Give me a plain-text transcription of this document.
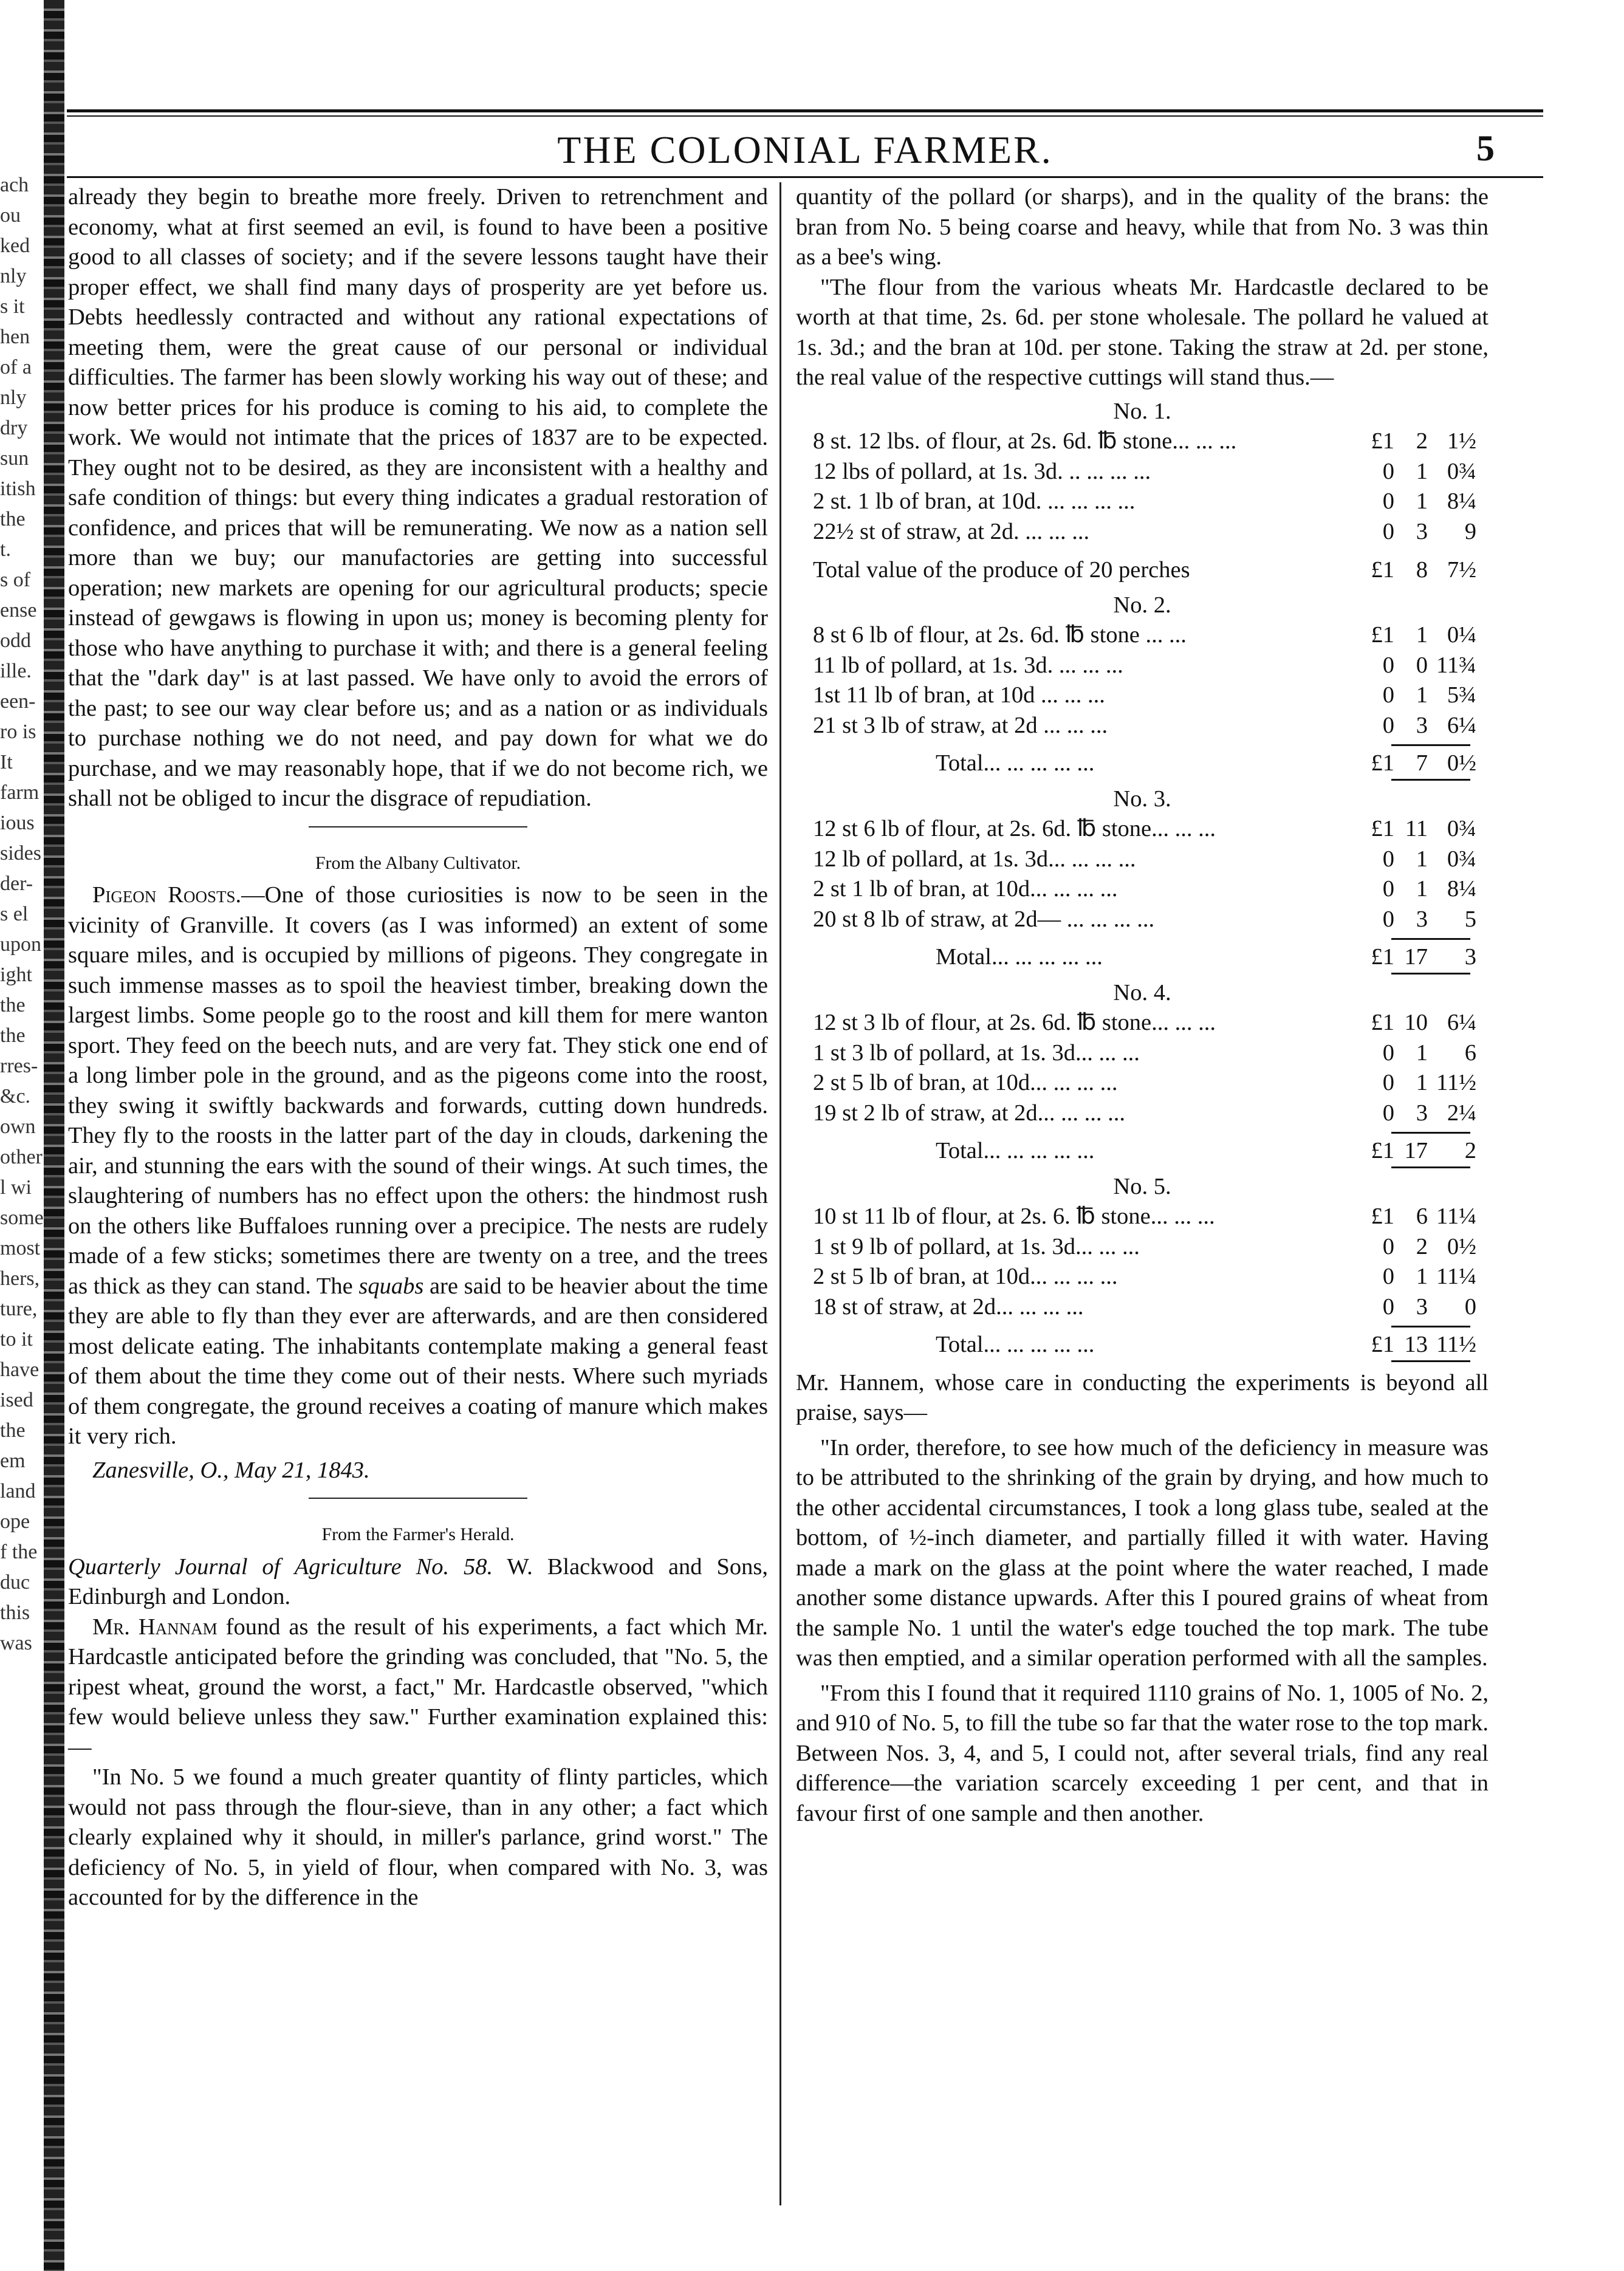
ach
ou
ked
nly
s it
hen
of a
nly
dry
sun
itish
the
t.
s of
ense
odd
ille.
een-
ro is
It
farm
ious
sides
der-
s el
upon
ight
the
the
rres-
&c.
own
other
l wi
some
most
hers,
ture,
to it
have
ised
the
em
land
ope
f the
duc
this
was
THE COLONIAL FARMER.	5

already they begin to breathe more freely. Driven to retrenchment and economy, what at first seemed an evil, is found to have been a positive good to all classes of society; and if the severe lessons taught have their proper effect, we shall find many days of prosperity are yet before us. Debts heedlessly contracted and without any rational expectations of meeting them, were the great cause of our personal or individual difficulties. The farmer has been slowly working his way out of these; and now better prices for his produce is coming to his aid, to complete the work. We would not intimate that the prices of 1837 are to be expected. They ought not to be desired, as they are inconsistent with a healthy and safe condition of things: but every thing indicates a gradual restoration of confidence, and prices that will be remunerating. We now as a nation sell more than we buy; our manufactories are getting into successful operation; new markets are opening for our agricultural products; specie instead of gewgaws is flowing in upon us; money is becoming plenty for those who have anything to purchase it with; and there is a general feeling that the "dark day" is at last passed. We have only to avoid the errors of the past; to see our way clear before us; and as a nation or as individuals to purchase nothing we do not need, and pay down for what we do purchase, and we may reasonably hope, that if we do not become rich, we shall not be obliged to incur the disgrace of repudiation.

From the Albany Cultivator.

Pigeon Roosts.—One of those curiosities is now to be seen in the vicinity of Granville. It covers (as I was informed) an extent of some square miles, and is occupied by millions of pigeons. They congregate in such immense masses as to spoil the heaviest timber, breaking down the largest limbs. Some people go to the roost and kill them for mere wanton sport. They feed on the beech nuts, and are very fat. They stick one end of a long limber pole in the ground, and as the pigeons come into the roost, they swing it swiftly backwards and forwards, cutting down hundreds. They fly to the roosts in the latter part of the day in clouds, darkening the air, and stunning the ears with the sound of their wings. At such times, the slaughtering of numbers has no effect upon the others: the hindmost rush on the others like Buffaloes running over a precipice. The nests are rudely made of a few sticks; sometimes there are twenty on a tree, and the trees as thick as they can stand. The squabs are said to be heavier about the time they are able to fly than they ever are afterwards, and are then considered most delicate eating. The inhabitants contemplate making a general feast of them about the time they come out of their nests. Where such myriads of them congregate, the ground receives a coating of manure which makes it very rich.

Zanesville, O., May 21, 1843.
From the Farmer's Herald.

Quarterly Journal of Agriculture No. 58. W. Blackwood and Sons, Edinburgh and London.

Mr. Hannam found as the result of his experiments, a fact which Mr. Hardcastle anticipated before the grinding was concluded, that "No. 5, the ripest wheat, ground the worst, a fact," Mr. Hardcastle observed, "which few would believe unless they saw." Further examination explained this:—

"In No. 5 we found a much greater quantity of flinty particles, which would not pass through the flour-sieve, than in any other; a fact which clearly explained why it should, in miller's parlance, grind worst." The deficiency of No. 5, in yield of flour, when compared with No. 3, was accounted for by the difference in the

quantity of the pollard (or sharps), and in the quality of the brans: the bran from No. 5 being coarse and heavy, while that from No. 3 was thin as a bee's wing.

"The flour from the various wheats Mr. Hardcastle declared to be worth at that time, 2s. 6d. per stone wholesale. The pollard he valued at 1s. 3d.; and the bran at 10d. per stone. Taking the straw at 2d. per stone, the real value of the respective cuttings will stand thus.—

No. 1.
8 st. 12 lbs. of flour, at 2s. 6d. ℔ stone... ... ...	£1 2 1½
12 lbs of pollard, at 1s. 3d. .. ... ... ...	0 1 0¾
2 st. 1 lb of bran, at 10d. ... ... ... ...	0 1 8¼
22½ st of straw, at 2d. ... ... ...	0 3	9
Total value of the produce of 20 perches	£1 8 7½
No. 2.
8 st 6 lb of flour, at 2s. 6d. ℔ stone ... ...	£1 1 0¼
11 lb of pollard, at 1s. 3d. ... ... ...	0 0 11¾
1st 11 lb of bran, at 10d ... ... ...	0 1 5¾
21 st 3 lb of straw, at 2d ... ... ...	0 3 6¼
Total... ... ... ... ...	£1 7 0½
No. 3.
12 st 6 lb of flour, at 2s. 6d. ℔ stone... ... ...	£1 11 0¾
12 lb of pollard, at 1s. 3d... ... ... ...	0 1 0¾
2 st 1 lb of bran, at 10d... ... ... ...	0 1 8¼
20 st 8 lb of straw, at 2d— ... ... ... ...	0 3	5
Motal... ... ... ... ...	£1 17	3
No. 4.
12 st 3 lb of flour, at 2s. 6d. ℔ stone... ... ...	£1 10 6¼
1 st 3 lb of pollard, at 1s. 3d... ... ...	0 1	6
2 st 5 lb of bran, at 10d... ... ... ...	0 1 11½
19 st 2 lb of straw, at 2d... ... ... ...	0 3 2¼
Total... ... ... ... ...	£1 17	2
No. 5.
10 st 11 lb of flour, at 2s. 6. ℔ stone... ... ...	£1 6 11¼
1 st 9 lb of pollard, at 1s. 3d... ... ...	0 2 0½
2 st 5 lb of bran, at 10d... ... ... ...	0 1 11¼
18 st of straw, at 2d... ... ... ...	0 3	0
Total... ... ... ... ...	£1 13 11½

Mr. Hannem, whose care in conducting the experiments is beyond all praise, says—

"In order, therefore, to see how much of the deficiency in measure was to be attributed to the shrinking of the grain by drying, and how much to the other accidental circumstances, I took a long glass tube, sealed at the bottom, of ½-inch diameter, and partially filled it with water. Having made a mark on the glass at the point where the water reached, I made another some distance upwards. After this I poured grains of wheat from the sample No. 1 until the water's edge touched the top mark. The tube was then emptied, and a similar operation performed with all the samples.

"From this I found that it required 1110 grains of No. 1, 1005 of No. 2, and 910 of No. 5, to fill the tube so far that the water rose to the top mark. Between Nos. 3, 4, and 5, I could not, after several trials, find any real difference—the variation scarcely exceeding 1 per cent, and that in favour first of one sample and then another.
